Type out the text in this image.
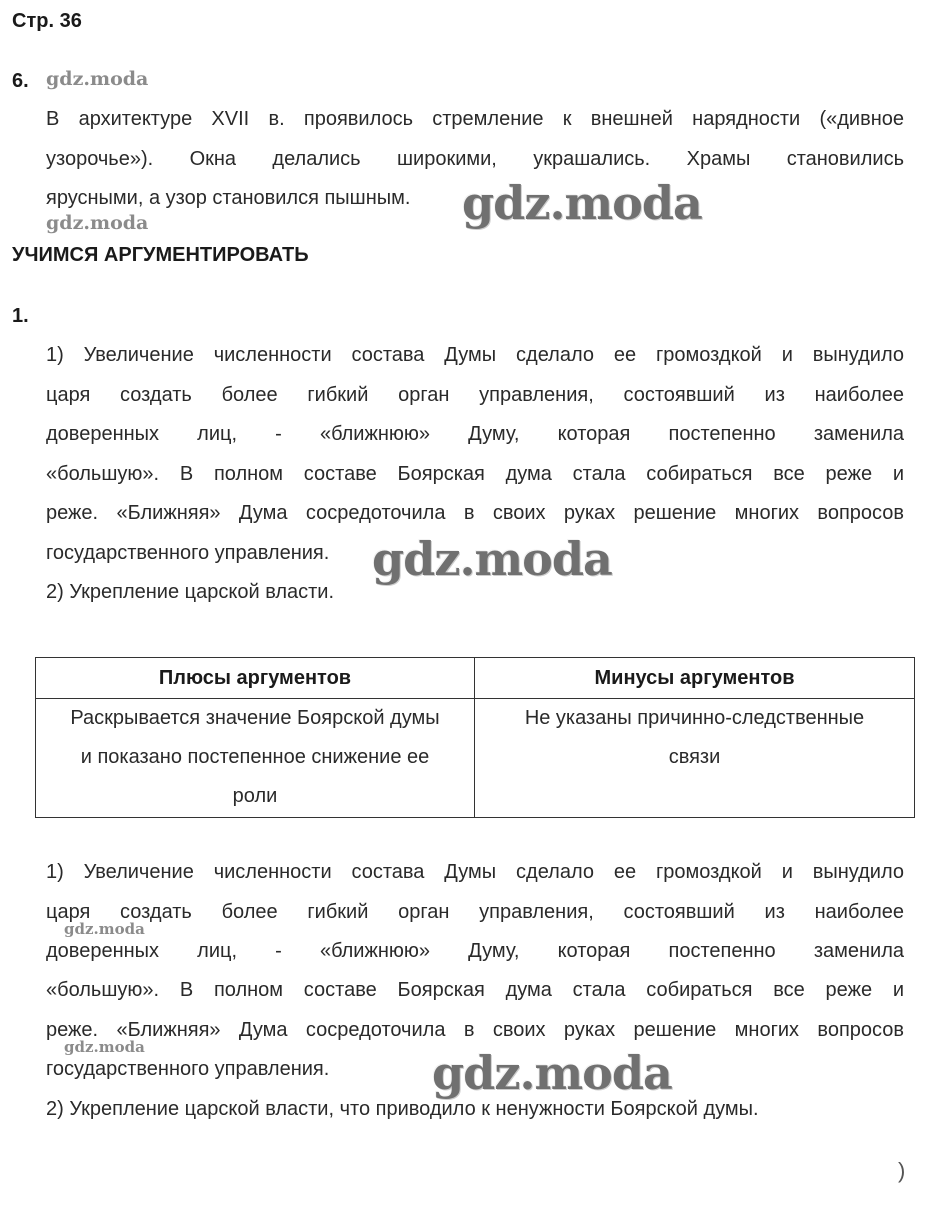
Стр. 36
6. gdz.moda
В архитектуре XVII в. проявилось стремление к внешней нарядности («дивное
узорочье»). Окна делались широкими, украшались. Храмы становились
ярусными, а узор становился пышным.	gdz.moda
gdz.moda
УЧИМСЯ АРГУМЕНТИРОВАТЬ
1.
1) Увеличение численности состава Думы сделало ее громоздкой и вынудило
царя создать более гибкий орган управления, состоявший из наиболее
доверенных лиц, - «ближнюю» Думу, которая постепенно заменила
«большую». В полном составе Боярская дума стала собираться все реже и
реже. «Ближняя» Дума сосредоточила в своих руках решение многих вопросов
государственного управления.
2) Укрепление царской власти.
gdz.moda
Плюсы аргументов	Минусы аргументов
Раскрывается значение Боярской думы и показано постепенное снижение ее роли	Не указаны причинно-следственные связи
1) Увеличение численности состава Думы сделало ее громоздкой и вынудило
царя создать более гибкий орган управления, состоявший из наиболее
доверенных лиц, - «ближнюю» Думу, которая постепенно заменила
«большую». В полном составе Боярская дума стала собираться все реже и
реже. «Ближняя» Дума сосредоточила в своих руках решение многих вопросов
государственного управления.
2) Укрепление царской власти, что приводило к ненужности Боярской думы.
gdz.moda
gdz.moda	gdz.moda
)
